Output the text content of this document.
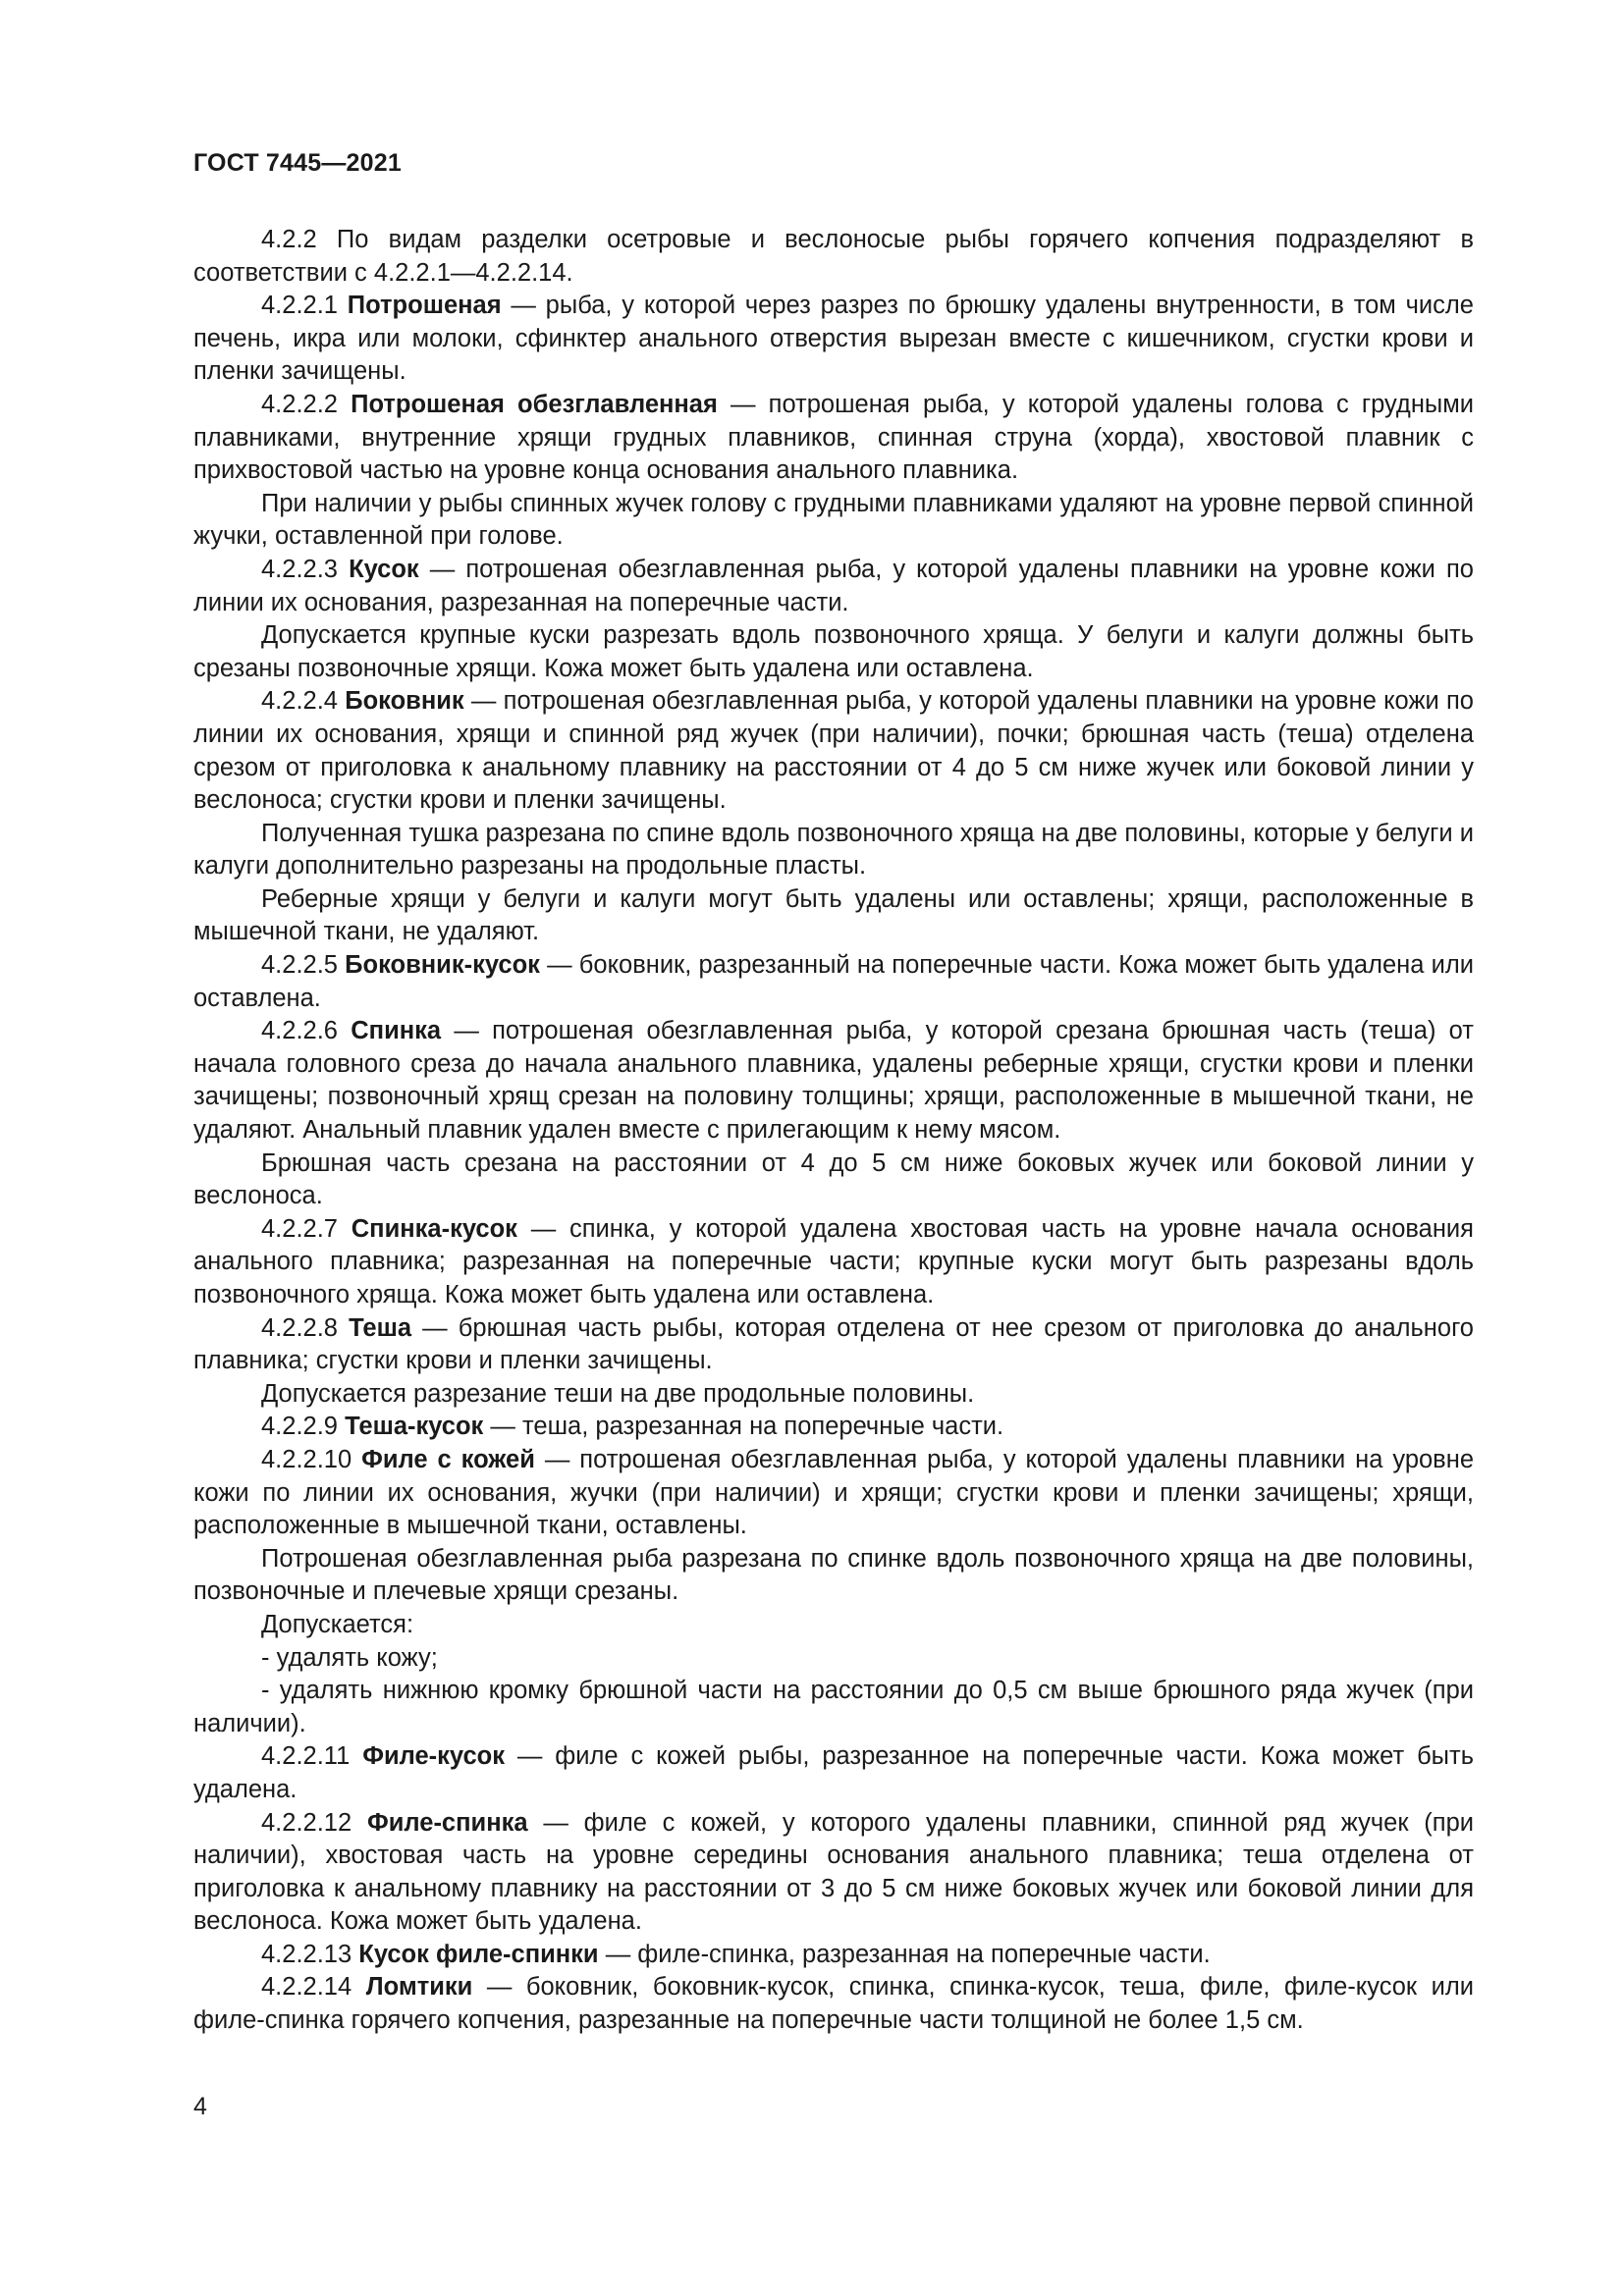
ГОСТ 7445—2021

4.2.2 По видам разделки осетровые и веслоносые рыбы горячего копчения подразделяют в соответствии с 4.2.2.1—4.2.2.14.

4.2.2.1 Потрошеная — рыба, у которой через разрез по брюшку удалены внутренности, в том числе печень, икра или молоки, сфинктер анального отверстия вырезан вместе с кишечником, сгустки крови и пленки зачищены.

4.2.2.2 Потрошеная обезглавленная — потрошеная рыба, у которой удалены голова с грудными плавниками, внутренние хрящи грудных плавников, спинная струна (хорда), хвостовой плавник с прихвостовой частью на уровне конца основания анального плавника.

При наличии у рыбы спинных жучек голову с грудными плавниками удаляют на уровне первой спинной жучки, оставленной при голове.

4.2.2.3 Кусок — потрошеная обезглавленная рыба, у которой удалены плавники на уровне кожи по линии их основания, разрезанная на поперечные части.

Допускается крупные куски разрезать вдоль позвоночного хряща. У белуги и калуги должны быть срезаны позвоночные хрящи. Кожа может быть удалена или оставлена.

4.2.2.4 Боковник — потрошеная обезглавленная рыба, у которой удалены плавники на уровне кожи по линии их основания, хрящи и спинной ряд жучек (при наличии), почки; брюшная часть (теша) отделена срезом от приголовка к анальному плавнику на расстоянии от 4 до 5 см ниже жучек или боковой линии у веслоноса; сгустки крови и пленки зачищены.

Полученная тушка разрезана по спине вдоль позвоночного хряща на две половины, которые у белуги и калуги дополнительно разрезаны на продольные пласты.

Реберные хрящи у белуги и калуги могут быть удалены или оставлены; хрящи, расположенные в мышечной ткани, не удаляют.

4.2.2.5 Боковник-кусок — боковник, разрезанный на поперечные части. Кожа может быть удалена или оставлена.

4.2.2.6 Спинка — потрошеная обезглавленная рыба, у которой срезана брюшная часть (теша) от начала головного среза до начала анального плавника, удалены реберные хрящи, сгустки крови и пленки зачищены; позвоночный хрящ срезан на половину толщины; хрящи, расположенные в мышечной ткани, не удаляют. Анальный плавник удален вместе с прилегающим к нему мясом.

Брюшная часть срезана на расстоянии от 4 до 5 см ниже боковых жучек или боковой линии у веслоноса.

4.2.2.7 Спинка-кусок — спинка, у которой удалена хвостовая часть на уровне начала основания анального плавника; разрезанная на поперечные части; крупные куски могут быть разрезаны вдоль позвоночного хряща. Кожа может быть удалена или оставлена.

4.2.2.8 Теша — брюшная часть рыбы, которая отделена от нее срезом от приголовка до анального плавника; сгустки крови и пленки зачищены.

Допускается разрезание теши на две продольные половины.

4.2.2.9 Теша-кусок — теша, разрезанная на поперечные части.

4.2.2.10 Филе с кожей — потрошеная обезглавленная рыба, у которой удалены плавники на уровне кожи по линии их основания, жучки (при наличии) и хрящи; сгустки крови и пленки зачищены; хрящи, расположенные в мышечной ткани, оставлены.

Потрошеная обезглавленная рыба разрезана по спинке вдоль позвоночного хряща на две половины, позвоночные и плечевые хрящи срезаны.

Допускается:

- удалять кожу;

- удалять нижнюю кромку брюшной части на расстоянии до 0,5 см выше брюшного ряда жучек (при наличии).

4.2.2.11 Филе-кусок — филе с кожей рыбы, разрезанное на поперечные части. Кожа может быть удалена.

4.2.2.12 Филе-спинка — филе с кожей, у которого удалены плавники, спинной ряд жучек (при наличии), хвостовая часть на уровне середины основания анального плавника; теша отделена от приголовка к анальному плавнику на расстоянии от 3 до 5 см ниже боковых жучек или боковой линии для веслоноса. Кожа может быть удалена.

4.2.2.13 Кусок филе-спинки — филе-спинка, разрезанная на поперечные части.

4.2.2.14 Ломтики — боковник, боковник-кусок, спинка, спинка-кусок, теша, филе, филе-кусок или филе-спинка горячего копчения, разрезанные на поперечные части толщиной не более 1,5 см.

4
